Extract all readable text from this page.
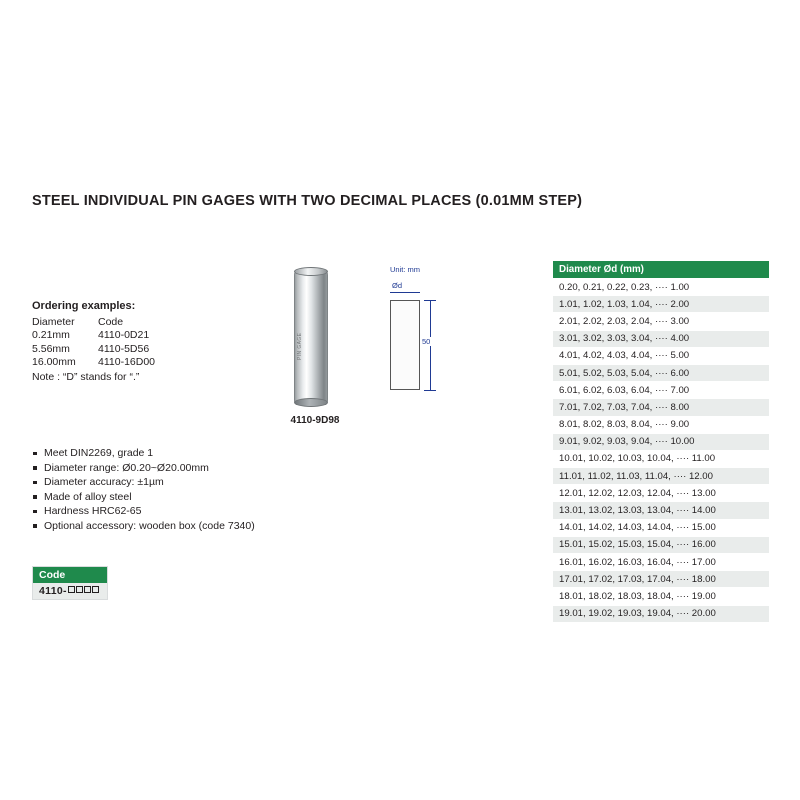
STEEL INDIVIDUAL PIN GAGES WITH TWO DECIMAL PLACES (0.01MM STEP)
Ordering examples:
Diameter	Code
0.21mm	4110-0D21
5.56mm	4110-5D56
16.00mm	4110-16D00
Note : “D” stands for “.”
PIN GAGE
4110-9D98
Unit: mm
Ød
50
Meet DIN2269, grade 1
Diameter range: Ø0.20~Ø20.00mm
Diameter accuracy: ±1µm
Made of alloy steel
Hardness HRC62-65
Optional accessory: wooden box (code 7340)
Code
4110-
Diameter Ød (mm)
0.20, 0.21, 0.22, 0.23, ···· 1.00
1.01, 1.02, 1.03, 1.04, ···· 2.00
2.01, 2.02, 2.03, 2.04, ···· 3.00
3.01, 3.02, 3.03, 3.04, ···· 4.00
4.01, 4.02, 4.03, 4.04, ···· 5.00
5.01, 5.02, 5.03, 5.04, ···· 6.00
6.01, 6.02, 6.03, 6.04, ···· 7.00
7.01, 7.02, 7.03, 7.04, ···· 8.00
8.01, 8.02, 8.03, 8.04, ···· 9.00
9.01, 9.02, 9.03, 9.04, ···· 10.00
10.01, 10.02, 10.03, 10.04, ···· 11.00
11.01, 11.02, 11.03, 11.04, ···· 12.00
12.01, 12.02, 12.03, 12.04, ···· 13.00
13.01, 13.02, 13.03, 13.04, ···· 14.00
14.01, 14.02, 14.03, 14.04, ···· 15.00
15.01, 15.02, 15.03, 15.04, ···· 16.00
16.01, 16.02, 16.03, 16.04, ···· 17.00
17.01, 17.02, 17.03, 17.04, ···· 18.00
18.01, 18.02, 18.03, 18.04, ···· 19.00
19.01, 19.02, 19.03, 19.04, ···· 20.00
